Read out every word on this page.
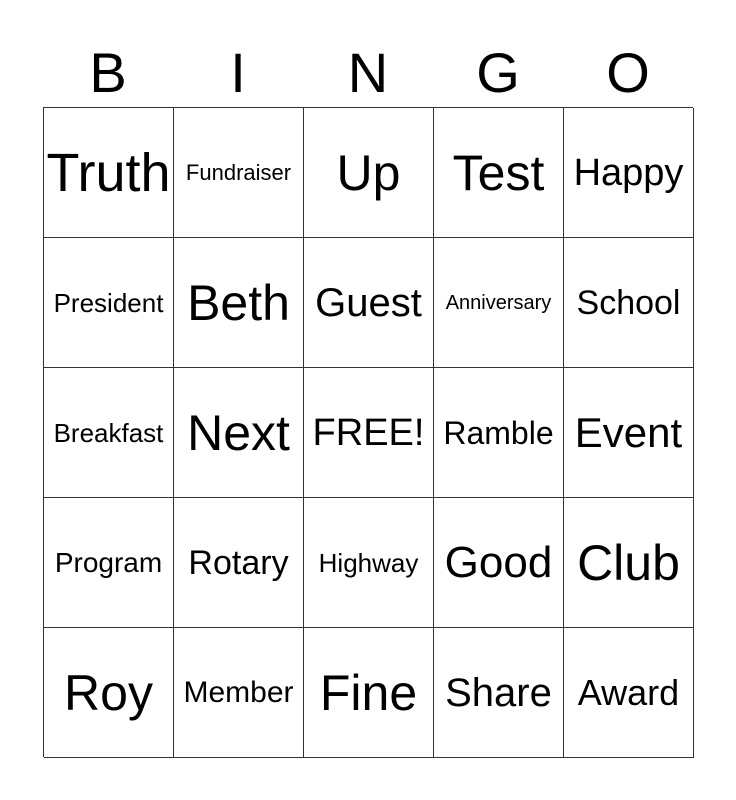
B	I	N	G	O
Truth Fundraiser Up Test Happy
President Beth Guest Anniversary School
Breakfast Next FREE! Ramble Event
Program Rotary Highway Good Club
Roy Member Fine Share Award
